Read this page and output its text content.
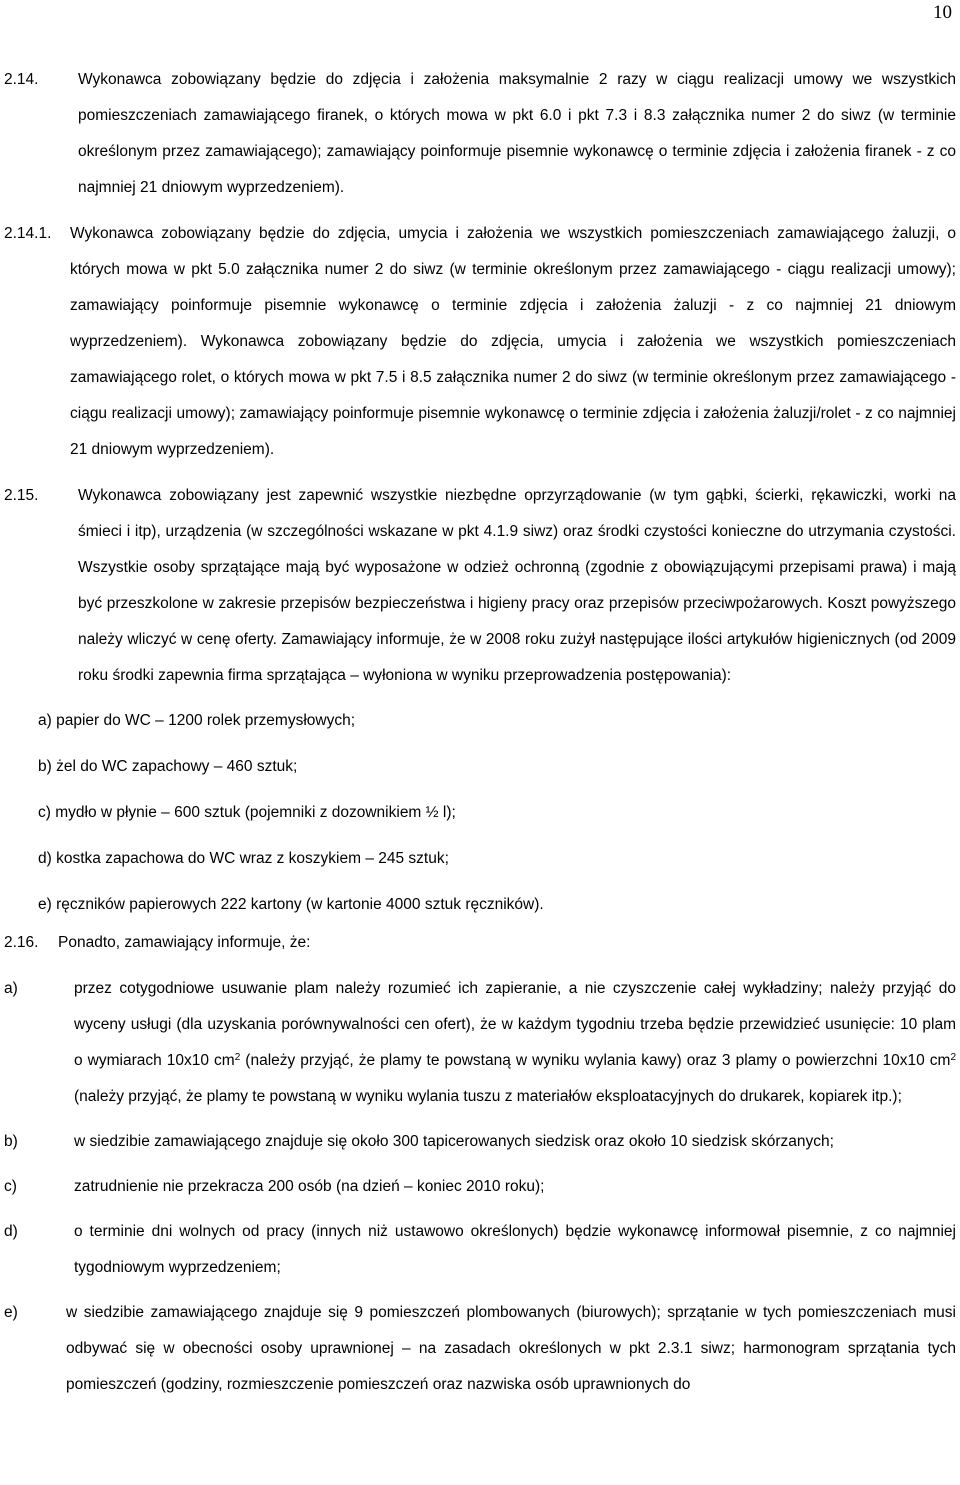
10
2.14.	Wykonawca zobowiązany będzie do zdjęcia i założenia maksymalnie 2 razy w ciągu realizacji umowy we wszystkich pomieszczeniach zamawiającego firanek, o których mowa w pkt 6.0 i pkt 7.3 i 8.3 załącznika numer 2 do siwz (w terminie określonym przez zamawiającego); zamawiający poinformuje pisemnie wykonawcę o terminie zdjęcia i założenia firanek - z co najmniej 21 dniowym wyprzedzeniem).
2.14.1.	Wykonawca zobowiązany będzie do zdjęcia, umycia i założenia we wszystkich pomieszczeniach zamawiającego żaluzji, o których mowa w pkt 5.0 załącznika numer 2 do siwz (w terminie określonym przez zamawiającego - ciągu realizacji umowy); zamawiający poinformuje pisemnie wykonawcę o terminie zdjęcia i założenia żaluzji - z co najmniej 21 dniowym wyprzedzeniem). Wykonawca zobowiązany będzie do zdjęcia, umycia i założenia we wszystkich pomieszczeniach zamawiającego rolet, o których mowa w pkt 7.5 i 8.5 załącznika numer 2 do siwz (w terminie określonym przez zamawiającego - ciągu realizacji umowy); zamawiający poinformuje pisemnie wykonawcę o terminie zdjęcia i założenia żaluzji/rolet - z co najmniej 21 dniowym wyprzedzeniem).
2.15.	Wykonawca zobowiązany jest zapewnić wszystkie niezbędne oprzyrządowanie (w tym gąbki, ścierki, rękawiczki, worki na śmieci i itp), urządzenia (w szczególności wskazane w pkt 4.1.9 siwz) oraz środki czystości konieczne do utrzymania czystości. Wszystkie osoby sprzątające mają być wyposażone w odzież ochronną (zgodnie z obowiązującymi przepisami prawa) i mają być przeszkolone w zakresie przepisów bezpieczeństwa i higieny pracy oraz przepisów przeciwpożarowych. Koszt powyższego należy wliczyć w cenę oferty. Zamawiający informuje, że w 2008 roku zużył następujące ilości artykułów higienicznych (od 2009 roku środki zapewnia firma sprzątająca – wyłoniona w wyniku przeprowadzenia postępowania):
a) papier do WC – 1200 rolek przemysłowych;
b) żel do WC zapachowy – 460 sztuk;
c) mydło w płynie – 600 sztuk (pojemniki z dozownikiem ½ l);
d) kostka zapachowa do WC wraz z koszykiem – 245 sztuk;
e) ręczników papierowych 222 kartony (w kartonie 4000 sztuk ręczników).
2.16.	Ponadto, zamawiający informuje, że:
a)	przez cotygodniowe usuwanie plam należy rozumieć ich zapieranie, a nie czyszczenie całej wykładziny; należy przyjąć do wyceny usługi (dla uzyskania porównywalności cen ofert), że w każdym tygodniu trzeba będzie przewidzieć usunięcie: 10 plam o wymiarach 10x10 $cm^2$ (należy przyjąć, że plamy te powstaną w wyniku wylania kawy) oraz 3 plamy o powierzchni 10x10 $cm^2$ (należy przyjąć, że plamy te powstaną w wyniku wylania tuszu z materiałów eksploatacyjnych do drukarek, kopiarek itp.);
b)	w siedzibie zamawiającego znajduje się około 300 tapicerowanych siedzisk oraz około 10 siedzisk skórzanych;
c)	zatrudnienie nie przekracza 200 osób (na dzień – koniec 2010 roku);
d)	o terminie dni wolnych od pracy (innych niż ustawowo określonych) będzie wykonawcę informował pisemnie, z co najmniej tygodniowym wyprzedzeniem;
e)	w siedzibie zamawiającego znajduje się 9 pomieszczeń plombowanych (biurowych); sprzątanie w tych pomieszczeniach musi odbywać się w obecności osoby uprawnionej – na zasadach określonych w pkt 2.3.1 siwz; harmonogram sprzątania tych pomieszczeń (godziny, rozmieszczenie pomieszczeń oraz nazwiska osób uprawnionych do
